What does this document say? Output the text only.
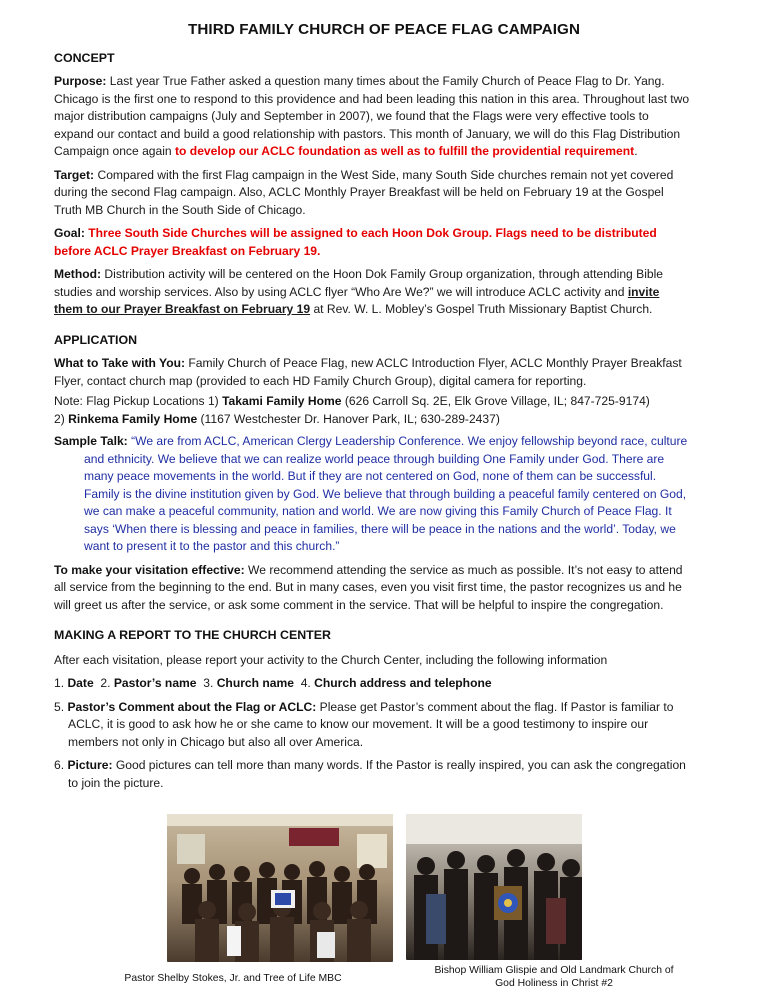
THIRD FAMILY CHURCH OF PEACE FLAG CAMPAIGN
CONCEPT

Purpose: Last year True Father asked a question many times about the Family Church of Peace Flag to Dr. Yang.

Chicago is the first one to respond to this providence and had been leading this nation in this area. Throughout last two

major distribution campaigns (July and September in 2007), we found that the Flags were very effective tools to

expand our contact and build a good relationship with pastors. This month of January, we will do this Flag Distribution

Campaign once again to develop our ACLC foundation as well as to fulfill the providential requirement.

Target: Compared with the first Flag campaign in the West Side, many South Side churches remain not yet covered

during the second Flag campaign. Also, ACLC Monthly Prayer Breakfast will be held on February 19 at the Gospel

Truth MB Church in the South Side of Chicago.

Goal: Three South Side Churches will be assigned to each Hoon Dok Group. Flags need to be distributed

before ACLC Prayer Breakfast on February 19.

Method: Distribution activity will be centered on the Hoon Dok Family Group organization, through attending Bible

studies and worship services. Also by using ACLC flyer “Who Are We?” we will introduce ACLC activity and invite

them to our Prayer Breakfast on February 19 at Rev. W. L. Mobley’s Gospel Truth Missionary Baptist Church.

APPLICATION

What to Take with You: Family Church of Peace Flag, new ACLC Introduction Flyer, ACLC Monthly Prayer Breakfast

Flyer, contact church map (provided to each HD Family Church Group), digital camera for reporting.

Note: Flag Pickup Locations 1) Takami Family Home (626 Carroll Sq. 2E, Elk Grove Village, IL; 847-725-9174)

2) Rinkema Family Home (1167 Westchester Dr. Hanover Park, IL; 630-289-2437)

Sample Talk: “We are from ACLC, American Clergy Leadership Conference. We enjoy fellowship beyond race, culture

and ethnicity. We believe that we can realize world peace through building One Family under God. There are

many peace movements in the world. But if they are not centered on God, none of them can be successful.

Family is the divine institution given by God. We believe that through building a peaceful family centered on God,

we can make a peaceful community, nation and world. We are now giving this Family Church of Peace Flag. It

says ‘When there is blessing and peace in families, there will be peace in the nations and the world’. Today, we

want to present it to the pastor and this church.”

To make your visitation effective: We recommend attending the service as much as possible. It’s not easy to attend

all service from the beginning to the end. But in many cases, even you visit first time, the pastor recognizes us and he

will greet us after the service, or ask some comment in the service. That will be helpful to inspire the congregation.

MAKING A REPORT TO THE CHURCH CENTER

After each visitation, please report your activity to the Church Center, including the following information

1. Date  2. Pastor’s name  3. Church name  4. Church address and telephone

5. Pastor’s Comment about the Flag or ACLC: Please get Pastor’s comment about the flag. If Pastor is familiar to

ACLC, it is good to ask how he or she came to know our movement. It will be a good testimony to inspire our

members not only in Chicago but also all over America.

6. Picture: Good pictures can tell more than many words. If the Pastor is really inspired, you can ask the congregation

to join the picture.

Pastor Shelby Stokes, Jr. and Tree of Life MBC
Bishop William Glispie and Old Landmark Church of
God Holiness in Christ #2
